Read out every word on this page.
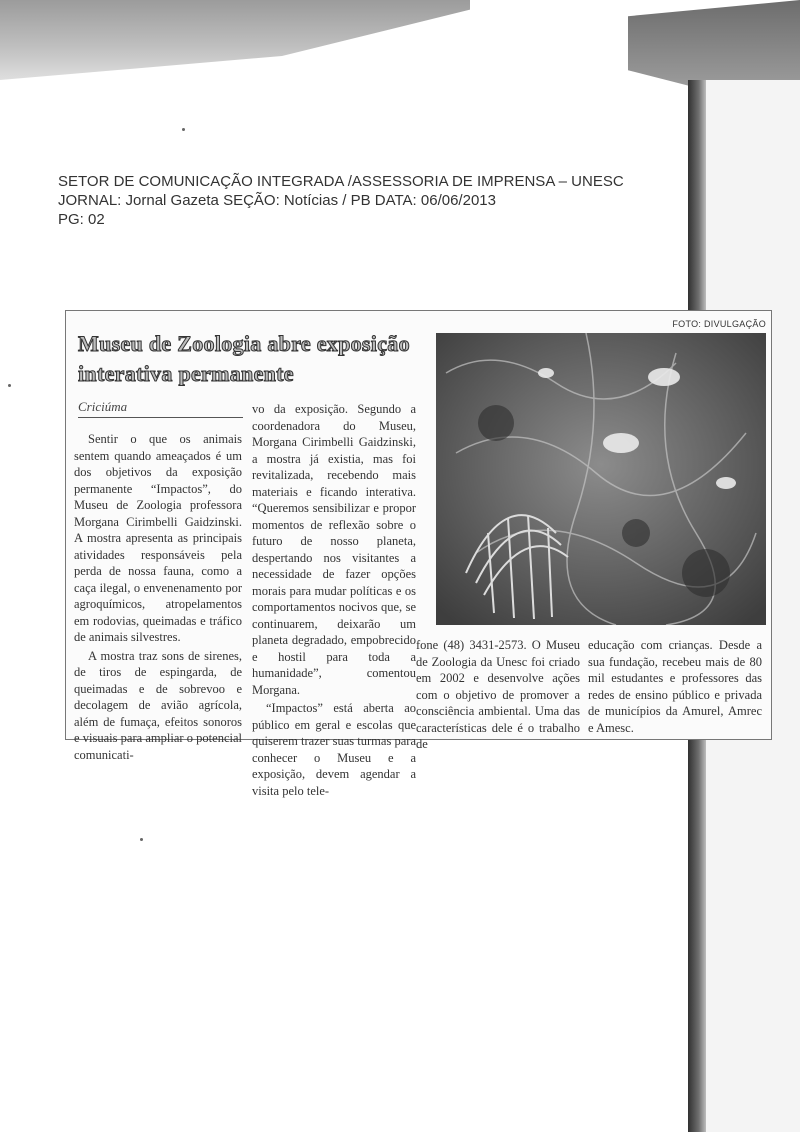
SETOR DE COMUNICAÇÃO INTEGRADA /ASSESSORIA DE IMPRENSA – UNESC
JORNAL: Jornal Gazeta SEÇÃO: Notícias / PB DATA: 06/06/2013
PG: 02
Museu de Zoologia abre exposição interativa permanente
Criciúma

Sentir o que os animais sentem quando ameaçados é um dos objetivos da exposição permanente “Impactos”, do Museu de Zoologia professora Morgana Cirimbelli Gaidzinski. A mostra apresenta as principais atividades responsáveis pela perda de nossa fauna, como a caça ilegal, o envenenamento por agroquímicos, atropelamentos em rodovias, queimadas e tráfico de animais silvestres.

A mostra traz sons de sirenes, de tiros de espingarda, de queimadas e de sobrevoo e decolagem de avião agrícola, além de fumaça, efeitos sonoros e visuais para ampliar o potencial comunicati-

vo da exposição. Segundo a coordenadora do Museu, Morgana Cirimbelli Gaidzinski, a mostra já existia, mas foi revitalizada, recebendo mais materiais e ficando interativa. “Queremos sensibilizar e propor momentos de reflexão sobre o futuro de nosso planeta, despertando nos visitantes a necessidade de fazer opções morais para mudar políticas e os comportamentos nocivos que, se continuarem, deixarão um planeta degradado, empobrecido e hostil para toda a humanidade”, comentou Morgana.

“Impactos” está aberta ao público em geral e escolas que quiserem trazer suas turmas para conhecer o Museu e a exposição, devem agendar a visita pelo tele-

FOTO: DIVULGAÇÃO

fone (48) 3431-2573. O Museu de Zoologia da Unesc foi criado em 2002 e desenvolve ações com o objetivo de promover a consciência ambiental. Uma das características dele é o trabalho de

educação com crianças. Desde a sua fundação, recebeu mais de 80 mil estudantes e professores das redes de ensino público e privada de municípios da Amurel, Amrec e Amesc.
